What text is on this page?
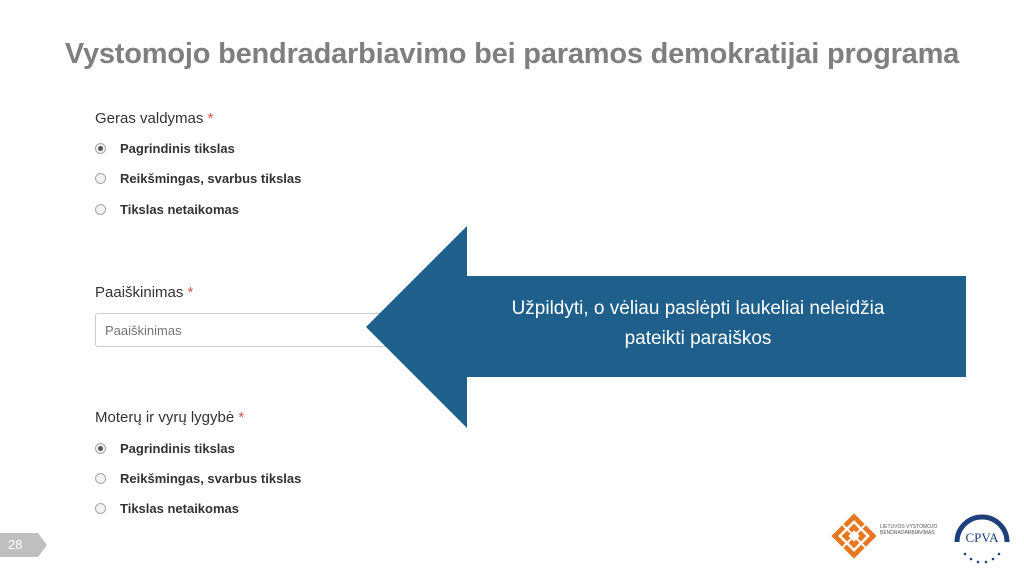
Vystomojo bendradarbiavimo bei paramos demokratijai programa
Geras valdymas *
Pagrindinis tikslas
Reikšmingas, svarbus tikslas
Tikslas netaikomas
Paaiškinimas *
Paaiškinimas
Moterų ir vyrų lygybė *
Pagrindinis tikslas
Reikšmingas, svarbus tikslas
Tikslas netaikomas
Užpildyti, o vėliau paslėpti laukeliai neleidžia
pateikti paraiškos
28
LIETUVOS VYSTOMOJO BENDRADARBIAVIMAS	CPVA
